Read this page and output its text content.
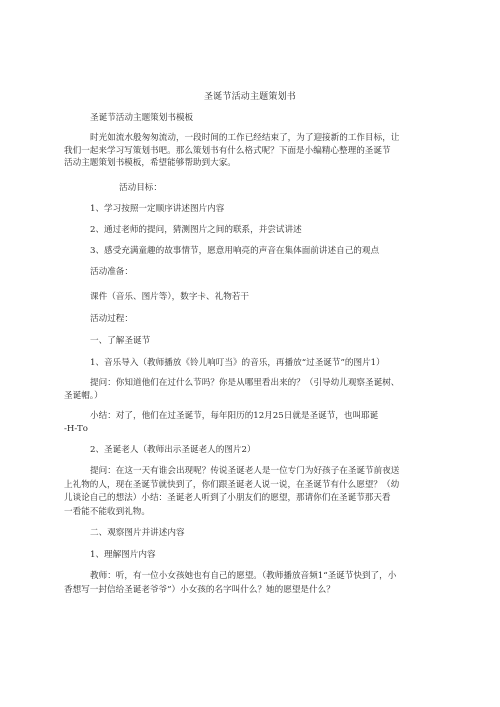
圣诞节活动主题策划书

圣诞节活动主题策划书模板

时光如流水般匆匆流动，一段时间的工作已经结束了，为了迎接新的工作目标，让
我们一起来学习写策划书吧。那么策划书有什么格式呢？下面是小编精心整理的圣诞节
活动主题策划书模板，希望能够帮助到大家。

活动目标：

1、学习按照一定顺序讲述图片内容

2、通过老师的提问，猜测图片之间的联系，并尝试讲述

3、感受充满童趣的故事情节，愿意用响亮的声音在集体面前讲述自己的观点

活动准备：

课件（音乐、图片等），数字卡、礼物若干

活动过程：

一、了解圣诞节

1、音乐导入（教师播放《铃儿响叮当》的音乐，再播放“过圣诞节”的图片1）

提问：你知道他们在过什么节吗？你是从哪里看出来的？（引导幼儿观察圣诞树、
圣诞帽。）

小结：对了，他们在过圣诞节，每年阳历的12月25日就是圣诞节，也叫耶诞
-H-Tο

2、圣诞老人（教师出示圣诞老人的图片2）

提问：在这一天有谁会出现呢？传说圣诞老人是一位专门为好孩子在圣诞节前夜送
上礼物的人，现在圣诞节就快到了，你们跟圣诞老人说一说，在圣诞节有什么愿望？（幼
儿谈论自己的想法）小结：圣诞老人听到了小朋友们的愿望，那请你们在圣诞节那天看
一看能不能收到礼物。

二、观察图片并讲述内容

1、理解图片内容

教师：听，有一位小女孩她也有自己的愿望。（教师播放音频1“圣诞节快到了，小
香想写一封信给圣诞老爷爷”）小女孩的名字叫什么？她的愿望是什么？
